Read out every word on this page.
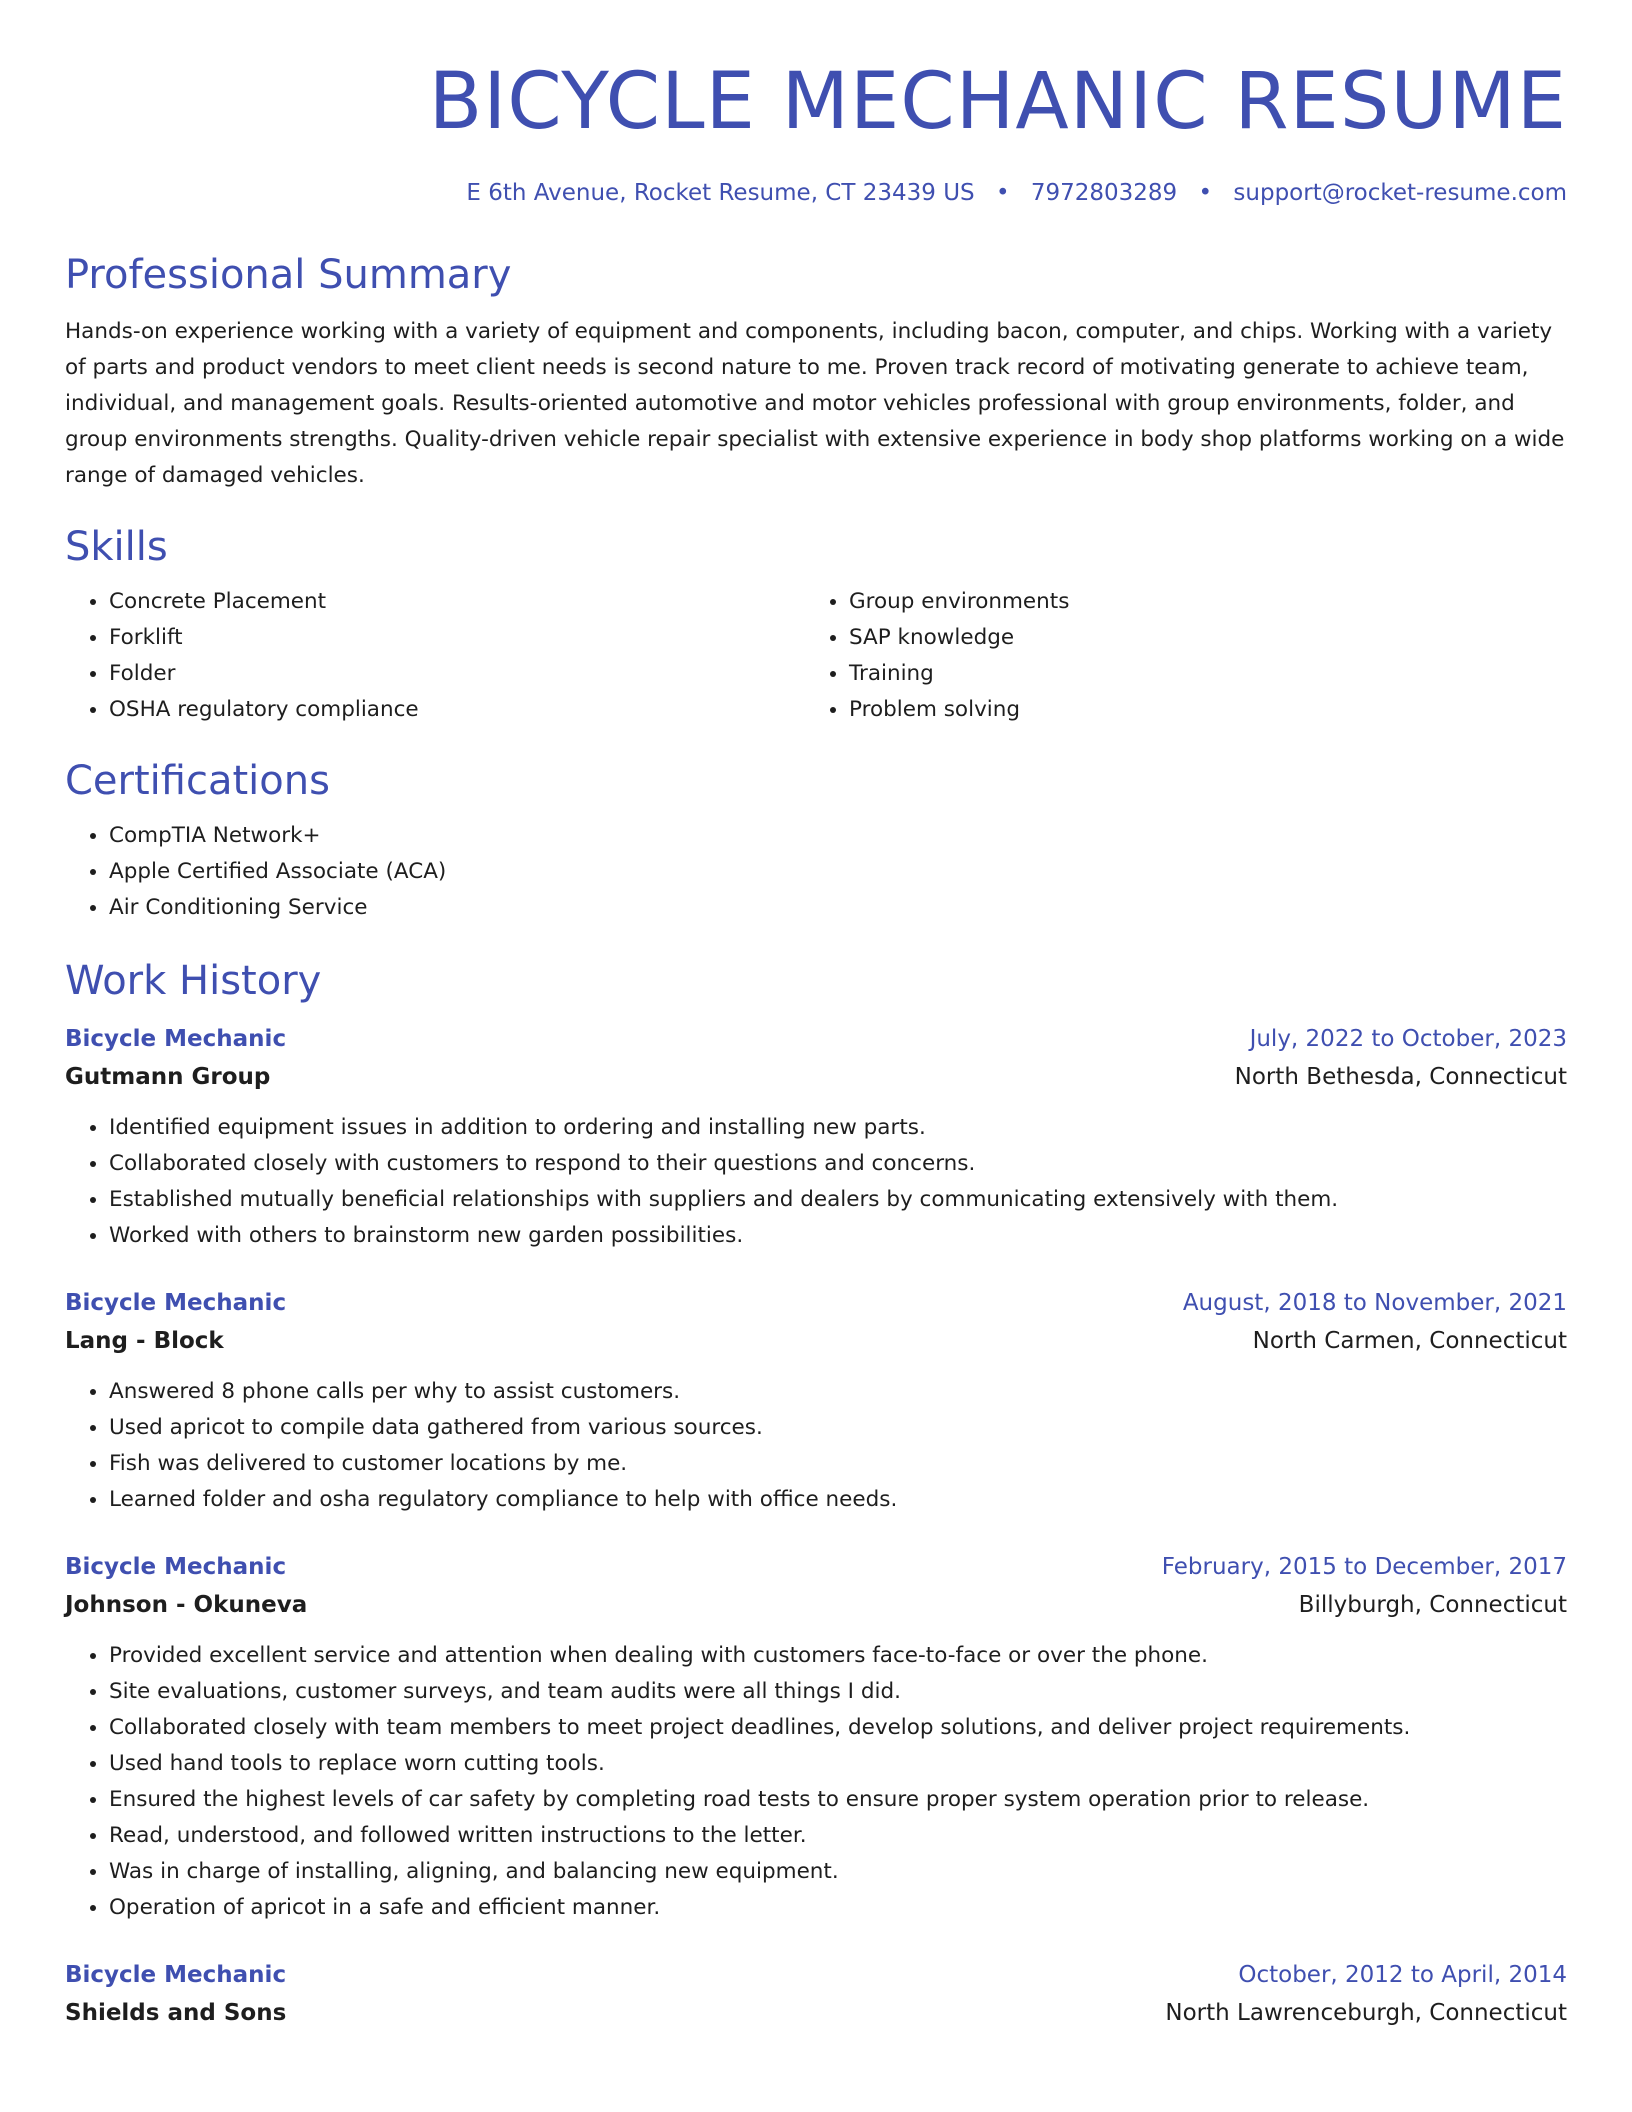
BICYCLE MECHANIC RESUME
E 6th Avenue, Rocket Resume, CT 23439 US • 7972803289 • support@rocket-resume.com
Professional Summary

Hands-on experience working with a variety of equipment and components, including bacon, computer, and chips. Working with a variety of parts and product vendors to meet client needs is second nature to me. Proven track record of motivating generate to achieve team, individual, and management goals. Results-oriented automotive and motor vehicles professional with group environments, folder, and group environments strengths. Quality-driven vehicle repair specialist with extensive experience in body shop platforms working on a wide range of damaged vehicles.

Skills
• Concrete Placement
• Forklift
• Folder
• OSHA regulatory compliance
• Group environments
• SAP knowledge
• Training
• Problem solving
Certifications
• CompTIA Network+
• Apple Certified Associate (ACA)
• Air Conditioning Service
Work History
Bicycle Mechanic	July, 2022 to October, 2023
Gutmann Group	North Bethesda, Connecticut
• Identified equipment issues in addition to ordering and installing new parts.
• Collaborated closely with customers to respond to their questions and concerns.
• Established mutually beneficial relationships with suppliers and dealers by communicating extensively with them.
• Worked with others to brainstorm new garden possibilities.
Bicycle Mechanic	August, 2018 to November, 2021
Lang - Block	North Carmen, Connecticut
• Answered 8 phone calls per why to assist customers.
• Used apricot to compile data gathered from various sources.
• Fish was delivered to customer locations by me.
• Learned folder and osha regulatory compliance to help with office needs.
Bicycle Mechanic	February, 2015 to December, 2017
Johnson - Okuneva	Billyburgh, Connecticut
• Provided excellent service and attention when dealing with customers face-to-face or over the phone.
• Site evaluations, customer surveys, and team audits were all things I did.
• Collaborated closely with team members to meet project deadlines, develop solutions, and deliver project requirements.
• Used hand tools to replace worn cutting tools.
• Ensured the highest levels of car safety by completing road tests to ensure proper system operation prior to release.
• Read, understood, and followed written instructions to the letter.
• Was in charge of installing, aligning, and balancing new equipment.
• Operation of apricot in a safe and efficient manner.
Bicycle Mechanic	October, 2012 to April, 2014
Shields and Sons	North Lawrenceburgh, Connecticut
